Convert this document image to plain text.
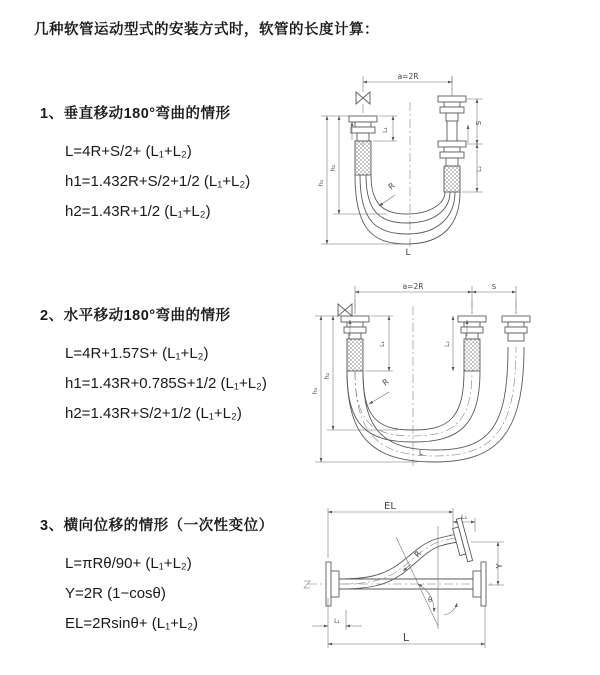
几种软管运动型式的安装方式时，软管的长度计算：
1、垂直移动180°弯曲的情形
L=4R+S/2+ (L₁+L₂)
h1=1.432R+S/2+1/2 (L₁+L₂)
h2=1.43R+1/2 (L₁+L₂)
2、水平移动180°弯曲的情形
L=4R+1.57S+ (L₁+L₂)
h1=1.43R+0.785S+1/2 (L₁+L₂)
h2=1.43R+S/2+1/2 (L₁+L₂)
3、横向位移的情形（一次性变位）
L=πRθ/90+ (L₁+L₂)
Y=2R (1−cosθ)
EL=2Rsinθ+ (L₁+L₂)
a=2R
L₁
S
L₂
h₁
h₂
R
L
a=2R	S
L₁	L₂
h₁
h₂
R
L
EL
L₂
Y
R
θ
L₁
L
